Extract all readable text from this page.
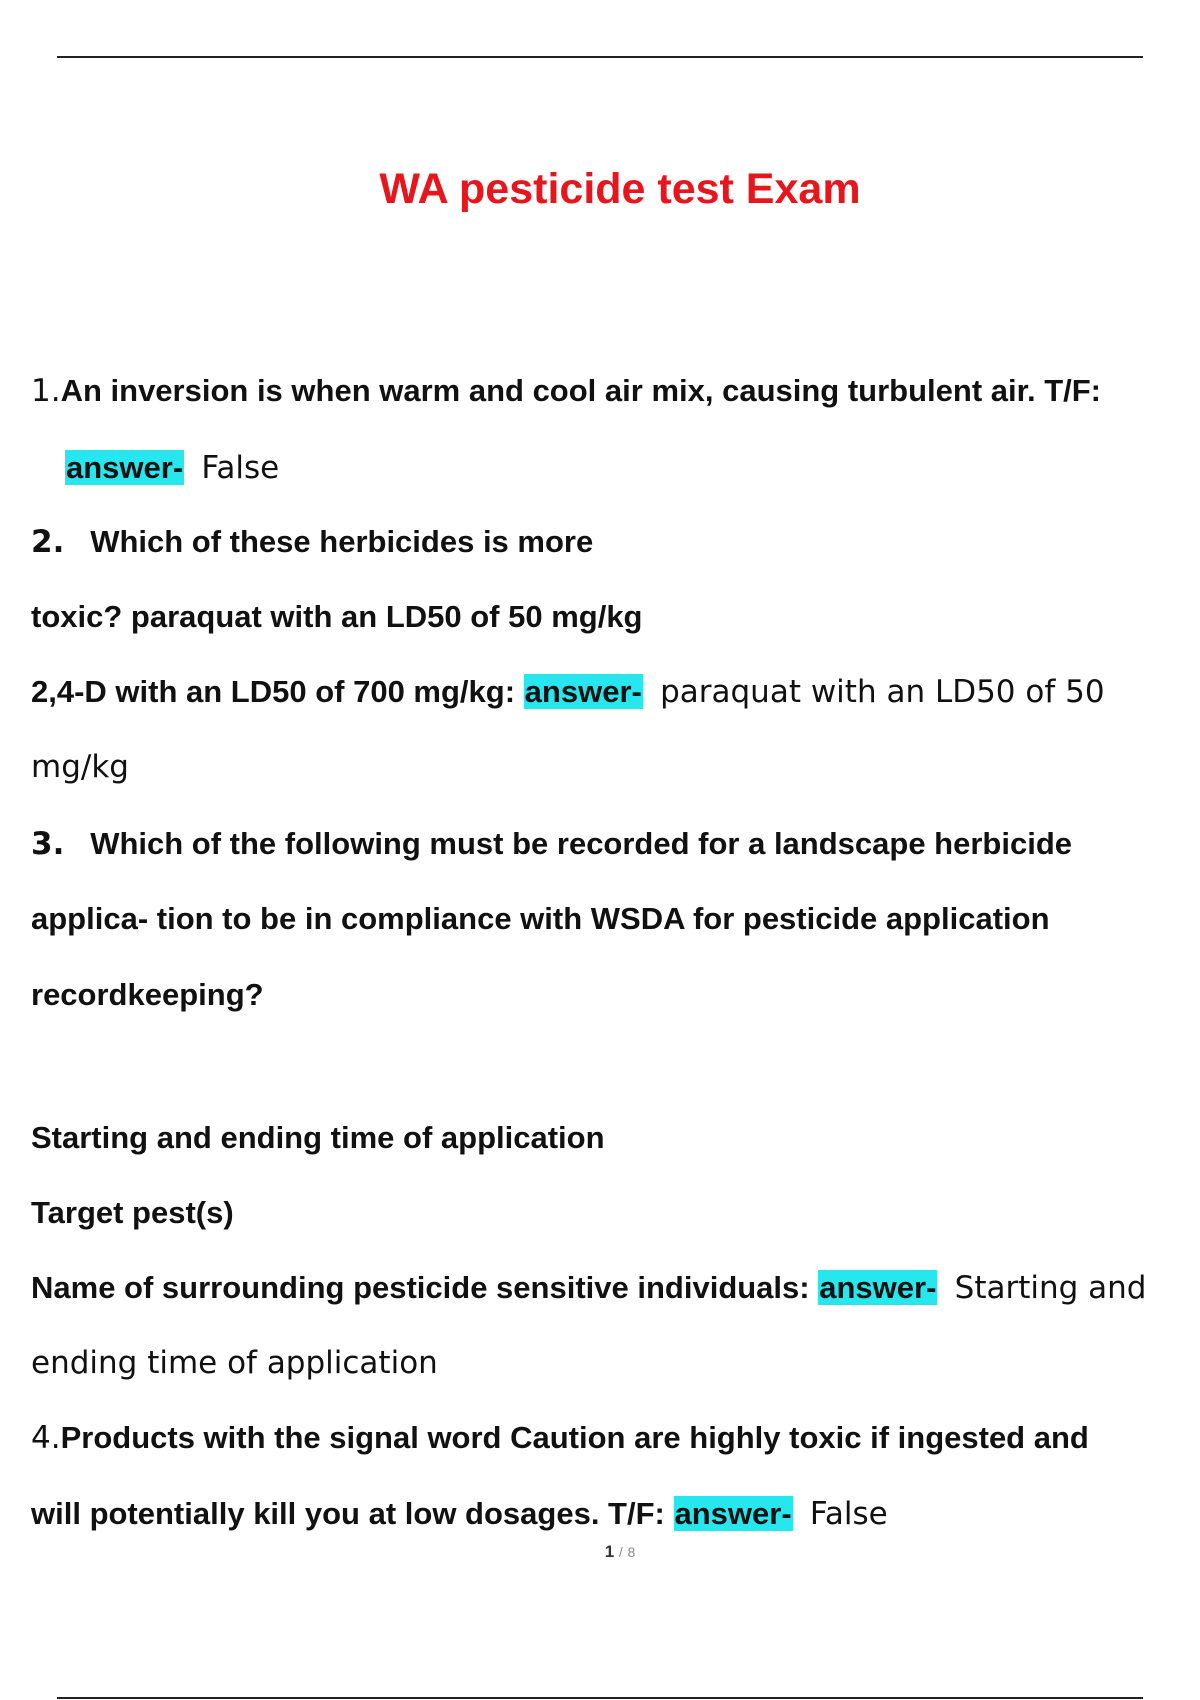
WA pesticide test Exam
1.An inversion is when warm and cool air mix, causing turbulent air. T/F:
answer- False
2. Which of these herbicides is more
toxic? paraquat with an LD50 of 50 mg/kg
2,4-D with an LD50 of 700 mg/kg: answer- paraquat with an LD50 of 50
mg/kg
3. Which of the following must be recorded for a landscape herbicide
applica- tion to be in compliance with WSDA for pesticide application
recordkeeping?
Starting and ending time of application
Target pest(s)
Name of surrounding pesticide sensitive individuals: answer- Starting and
ending time of application
4.Products with the signal word Caution are highly toxic if ingested and
will potentially kill you at low dosages. T/F: answer- False
1 / 8
